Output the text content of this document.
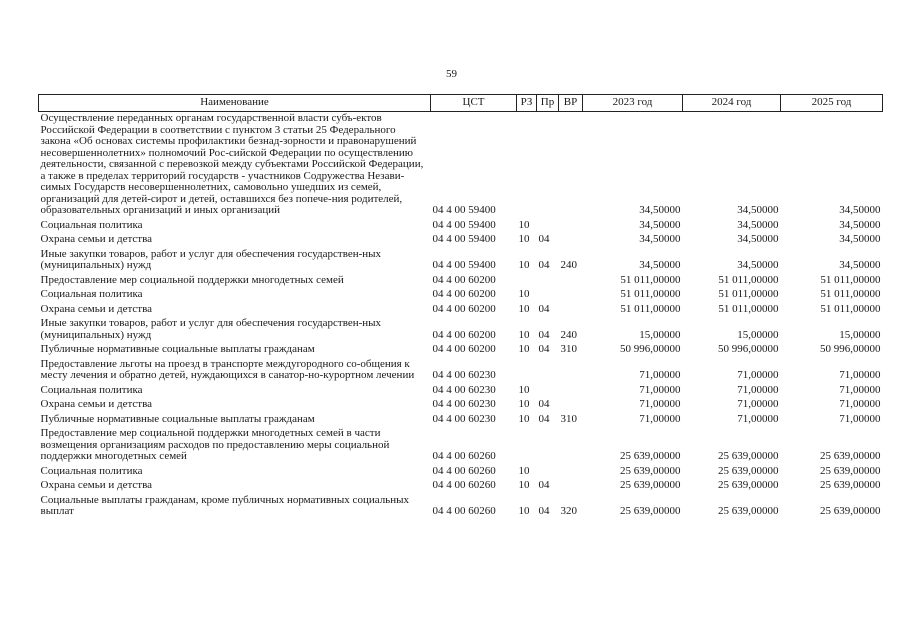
59
Наименование	ЦСТ	РЗ	Пр	ВР	2023 год	2024 год	2025 год
Осуществление переданных органам государственной власти субъ-ектов Российской Федерации в соответствии с пунктом 3 статьи 25 Федерального закона «Об основах системы профилактики безнад-зорности и правонарушений несовершеннолетних» полномочий Рос-сийской Федерации по осуществлению деятельности, связанной с перевозкой между субъектами Российской Федерации, а также в пределах территорий государств - участников Содружества Незави-симых Государств несовершеннолетних, самовольно ушедших из семей, организаций для детей-сирот и детей, оставшихся без попече-ния родителей, образовательных организаций и иных организаций	04 4 00 59400				34,50000	34,50000	34,50000
Социальная политика	04 4 00 59400	10			34,50000	34,50000	34,50000
Охрана семьи и детства	04 4 00 59400	10	04		34,50000	34,50000	34,50000
Иные закупки товаров, работ и услуг для обеспечения государствен-ных (муниципальных) нужд	04 4 00 59400	10	04	240	34,50000	34,50000	34,50000
Предоставление мер социальной поддержки многодетных семей	04 4 00 60200				51 011,00000	51 011,00000	51 011,00000
Социальная политика	04 4 00 60200	10			51 011,00000	51 011,00000	51 011,00000
Охрана семьи и детства	04 4 00 60200	10	04		51 011,00000	51 011,00000	51 011,00000
Иные закупки товаров, работ и услуг для обеспечения государствен-ных (муниципальных) нужд	04 4 00 60200	10	04	240	15,00000	15,00000	15,00000
Публичные нормативные социальные выплаты гражданам	04 4 00 60200	10	04	310	50 996,00000	50 996,00000	50 996,00000
Предоставление льготы на проезд в транспорте междугородного со-общения к месту лечения и обратно детей, нуждающихся в санатор-но-курортном лечении	04 4 00 60230				71,00000	71,00000	71,00000
Социальная политика	04 4 00 60230	10			71,00000	71,00000	71,00000
Охрана семьи и детства	04 4 00 60230	10	04		71,00000	71,00000	71,00000
Публичные нормативные социальные выплаты гражданам	04 4 00 60230	10	04	310	71,00000	71,00000	71,00000
Предоставление мер социальной поддержки многодетных семей в части возмещения организациям расходов по предоставлению меры социальной поддержки многодетных семей	04 4 00 60260				25 639,00000	25 639,00000	25 639,00000
Социальная политика	04 4 00 60260	10			25 639,00000	25 639,00000	25 639,00000
Охрана семьи и детства	04 4 00 60260	10	04		25 639,00000	25 639,00000	25 639,00000
Социальные выплаты гражданам, кроме публичных нормативных социальных выплат	04 4 00 60260	10	04	320	25 639,00000	25 639,00000	25 639,00000
